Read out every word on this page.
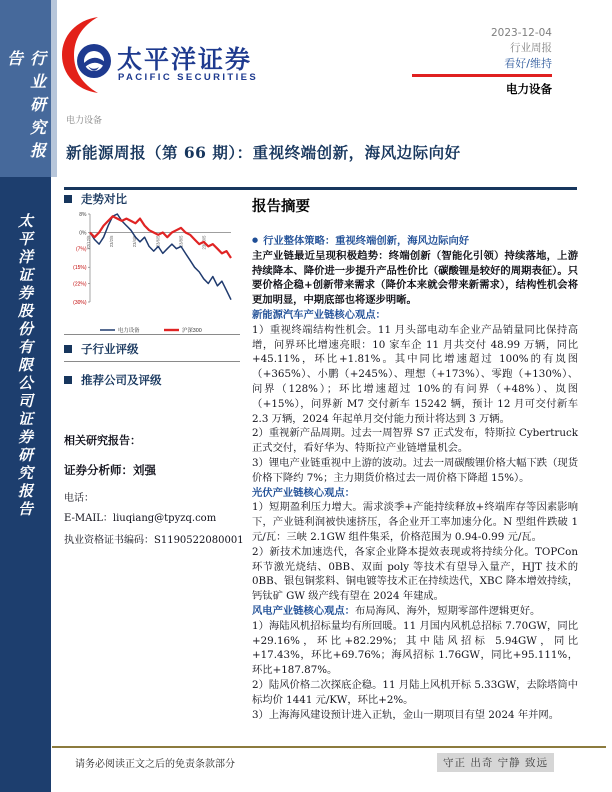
行业研究报告
太平洋证券股份有限公司证券研究报告
太平洋证券
PACIFIC SECURITIES
2023-12-04
行业周报
看好/维持
电力设备
电力设备
新能源周报（第 66 期）：重视终端创新，海风边际向好
走势对比
8%
0%
(7%)
(15%)
(22%)
(30%)
22/12/5	23/2/5	23/4/5	23/6/5	23/8/5	23/10/5
电力设备	沪深300
子行业评级
推荐公司及评级
相关研究报告：
证券分析师：刘强
电话：
E-MAIL：liuqiang@tpyzq.com
执业资格证书编码：S1190522080001
报告摘要
● 行业整体策略：重视终端创新，海风边际向好
主产业链最近呈现积极趋势：终端创新（智能化引领）持续落地，上游持续降本、降价进一步提升产品性价比（碳酸锂是较好的周期表征）。只要价格企稳+创新带来需求（降价本来就会带来新需求），结构性机会将更加明显，中期底部也将逐步明晰。
新能源汽车产业链核心观点：
1）重视终端结构性机会。11 月头部电动车企业产品销量同比保持高增，问界环比增速亮眼：10 家车企 11 月共交付 48.99 万辆，同比+45.11%，环比+1.81%。其中同比增速超过 100%的有岚图（+365%）、小鹏（+245%）、理想（+173%）、零跑（+130%）、问界（128%）；环比增速超过 10%的有问界（+48%）、岚图（+15%），问界新 M7 交付新车 15242 辆，预计 12 月可交付新车 2.3 万辆，2024 年起单月交付能力预计将达到 3 万辆。
2）重视新产品周期。过去一周智界 S7 正式发布，特斯拉 Cybertruck 正式交付，看好华为、特斯拉产业链增量机会。
3）锂电产业链重视中上游的波动。过去一周碳酸锂价格大幅下跌（现货价格下降约 7%；主力期货价格过去一周价格下降超 15%）。
光伏产业链核心观点：
1）短期盈利压力增大。需求淡季+产能持续释放+终端库存等因素影响下，产业链利润被快速挤压，各企业开工率加速分化。N 型组件跌破 1 元/瓦：三峡 2.1GW 组件集采，价格范围为 0.94-0.99 元/瓦。
2）新技术加速迭代，各家企业降本提效表现或将持续分化。TOPCon 环节激光烧结、0BB、双面 poly 等技术有望导入量产，HJT 技术的 0BB、银包铜浆料、铜电镀等技术正在持续迭代，XBC 降本增效持续，钙钛矿 GW 级产线有望在 2024 年建成。
风电产业链核心观点：布局海风、海外，短期零部件逻辑更好。
1）海陆风机招标量均有所回暖。11 月国内风机总招标 7.70GW，同比+29.16%，环比+82.29%；其中陆风招标 5.94GW，同比+17.43%，环比+69.76%；海风招标 1.76GW，同比+95.111%，环比+187.87%。
2）陆风价格二次探底企稳。11 月陆上风机开标 5.33GW，去除塔筒中标均价 1441 元/KW，环比+2%。
3）上海海风建设预计进入正轨，金山一期项目有望 2024 年并网。
请务必阅读正文之后的免责条款部分	守正 出奇 宁静 致远
